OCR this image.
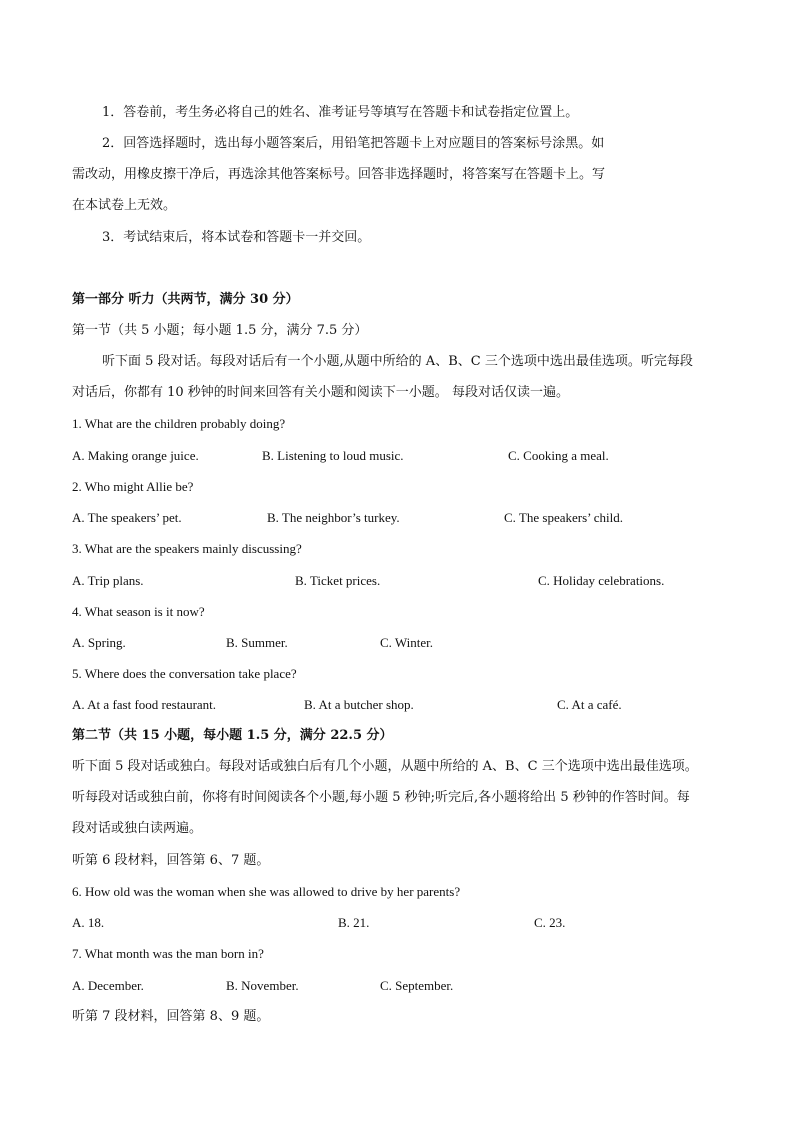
1．答卷前，考生务必将自己的姓名、准考证号等填写在答题卡和试卷指定位置上。
2．回答选择题时，选出每小题答案后，用铅笔把答题卡上对应题目的答案标号涂黑。如
需改动，用橡皮擦干净后，再选涂其他答案标号。回答非选择题时，将答案写在答题卡上。写
在本试卷上无效。
3．考试结束后，将本试卷和答题卡一并交回。
第一部分 听力（共两节，满分 30 分）
第一节（共 5 小题；每小题 1.5 分，满分 7.5 分）
听下面 5 段对话。每段对话后有一个小题,从题中所给的 A、B、C 三个选项中选出最佳选项。听完每段
对话后，你都有 10 秒钟的时间来回答有关小题和阅读下一小题。 每段对话仅读一遍。
1. What are the children probably doing?
A. Making orange juice.	B. Listening to loud music.	C. Cooking a meal.
2. Who might Allie be?
A. The speakers’ pet.	B. The neighbor’s turkey.	C. The speakers’ child.
3. What are the speakers mainly discussing?
A. Trip plans.	B. Ticket prices.	C. Holiday celebrations.
4. What season is it now?
A. Spring.	B. Summer.	C. Winter.
5. Where does the conversation take place?
A. At a fast food restaurant.	B. At a butcher shop.	C. At a café.
第二节（共 15 小题，每小题 1.5 分，满分 22.5 分）
听下面 5 段对话或独白。每段对话或独白后有几个小题，从题中所给的 A、B、C 三个选项中选出最佳选项。
听每段对话或独白前，你将有时间阅读各个小题,每小题 5 秒钟;听完后,各小题将给出 5 秒钟的作答时间。每
段对话或独白读两遍。
听第 6 段材料，回答第 6、7 题。
6. How old was the woman when she was allowed to drive by her parents?
A. 18.	B. 21.	C. 23.
7. What month was the man born in?
A. December.	B. November.	C. September.
听第 7 段材料，回答第 8、9 题。
